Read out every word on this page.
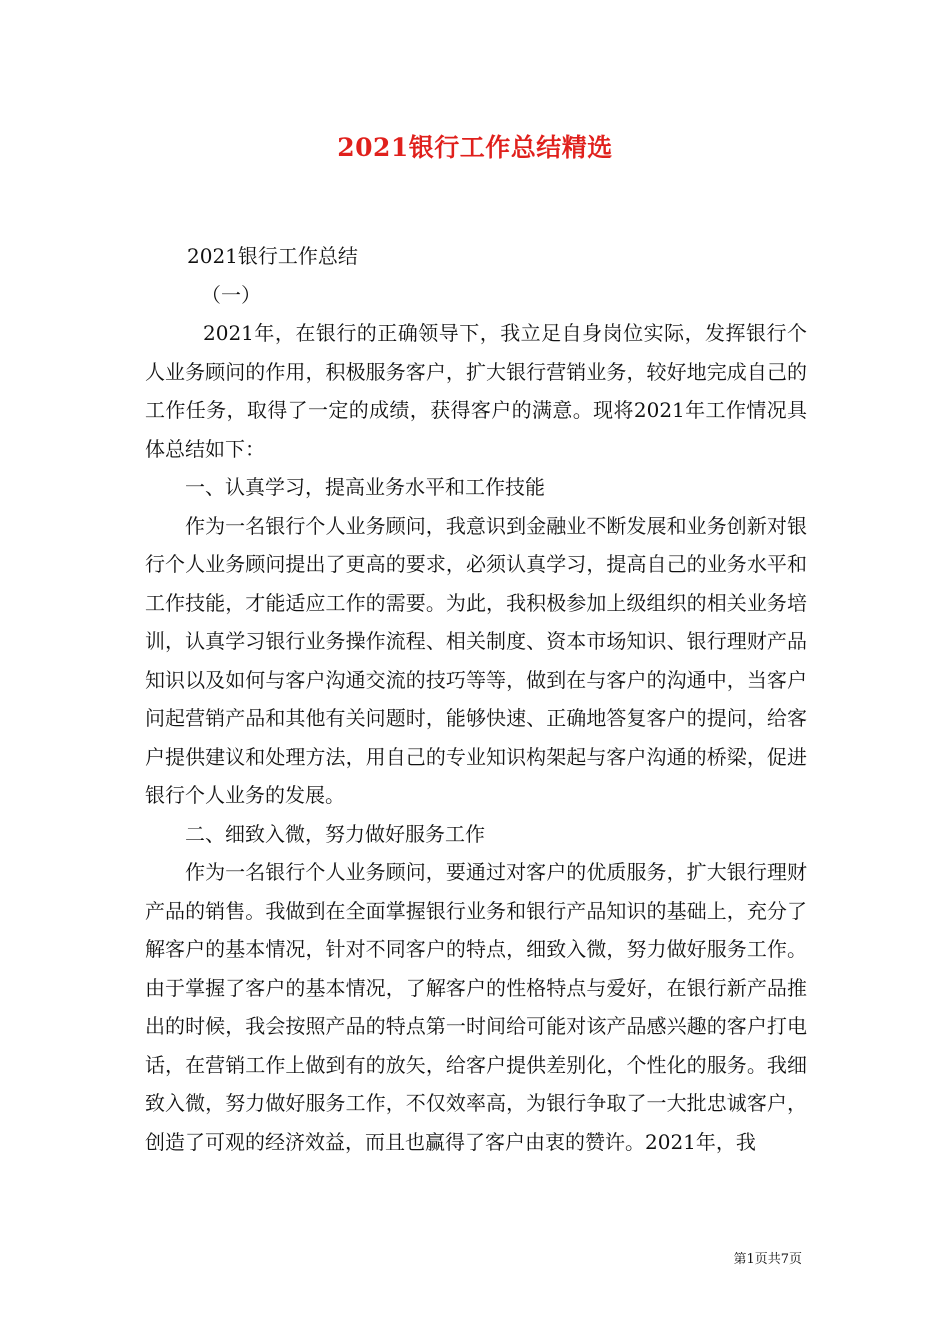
2021银行工作总结精选

2021银行工作总结

（一）

2021年，在银行的正确领导下，我立足自身岗位实际，发挥银行个人业务顾问的作用，积极服务客户，扩大银行营销业务，较好地完成自己的工作任务，取得了一定的成绩，获得客户的满意。现将2021年工作情况具体总结如下：

一、认真学习，提高业务水平和工作技能

作为一名银行个人业务顾问，我意识到金融业不断发展和业务创新对银行个人业务顾问提出了更高的要求，必须认真学习，提高自己的业务水平和工作技能，才能适应工作的需要。为此，我积极参加上级组织的相关业务培训，认真学习银行业务操作流程、相关制度、资本市场知识、银行理财产品知识以及如何与客户沟通交流的技巧等等，做到在与客户的沟通中，当客户问起营销产品和其他有关问题时，能够快速、正确地答复客户的提问，给客户提供建议和处理方法，用自己的专业知识构架起与客户沟通的桥梁，促进银行个人业务的发展。

二、细致入微，努力做好服务工作

作为一名银行个人业务顾问，要通过对客户的优质服务，扩大银行理财产品的销售。我做到在全面掌握银行业务和银行产品知识的基础上，充分了解客户的基本情况，针对不同客户的特点，细致入微，努力做好服务工作。由于掌握了客户的基本情况，了解客户的性格特点与爱好，在银行新产品推出的时候，我会按照产品的特点第一时间给可能对该产品感兴趣的客户打电话，在营销工作上做到有的放矢，给客户提供差别化，个性化的服务。我细致入微，努力做好服务工作，不仅效率高，为银行争取了一大批忠诚客户，创造了可观的经济效益，而且也赢得了客户由衷的赞许。2021年，我

第1页共7页
